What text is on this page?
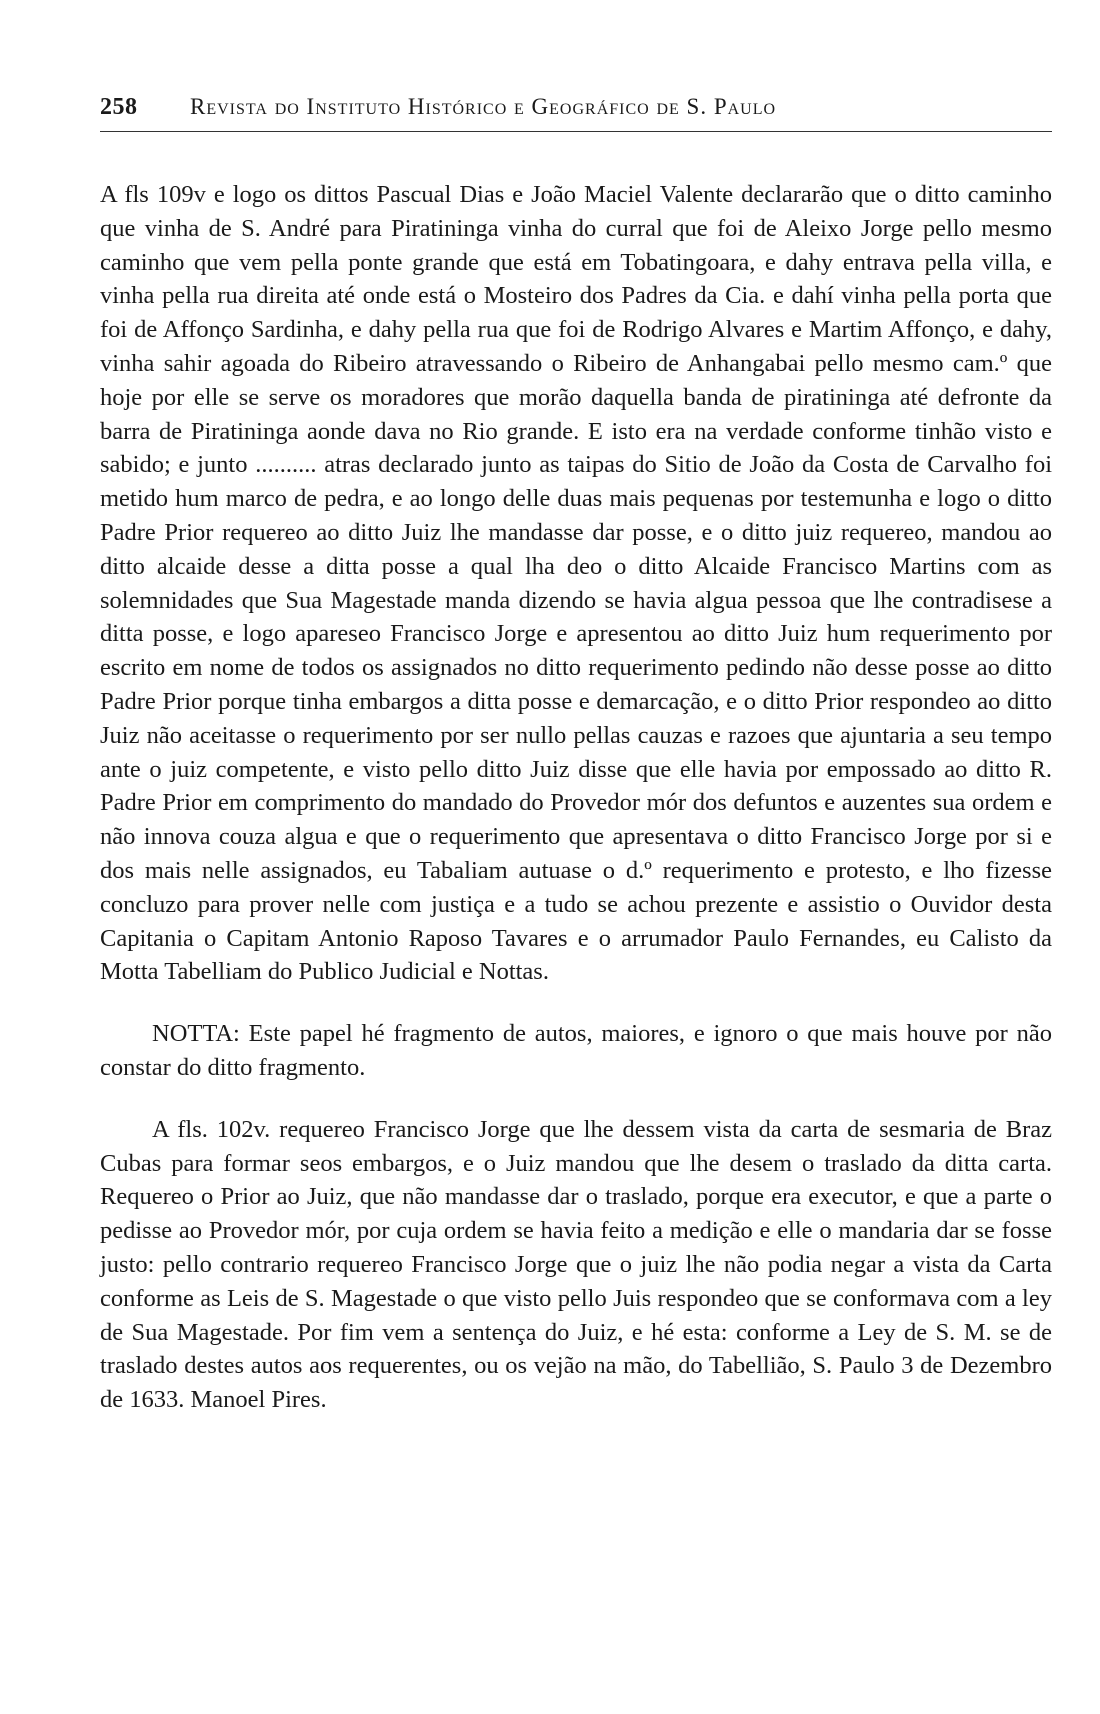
258	Revista do Instituto Histórico e Geográfico de S. Paulo

A fls 109v e logo os dittos Pascual Dias e João Maciel Valente declararão que o ditto caminho que vinha de S. André para Piratininga vinha do curral que foi de Aleixo Jorge pello mesmo caminho que vem pella ponte grande que está em Tobatingoara, e dahy entrava pella villa, e vinha pella rua direita até onde está o Mosteiro dos Padres da Cia. e dahí vinha pella porta que foi de Affonço Sardinha, e dahy pella rua que foi de Rodrigo Alvares e Martim Affonço, e dahy, vinha sahir agoada do Ribeiro atravessando o Ribeiro de Anhangabai pello mesmo cam.º que hoje por elle se serve os moradores que morão daquella banda de piratininga até defronte da barra de Piratininga aonde dava no Rio grande. E isto era na verdade conforme tinhão visto e sabido; e junto .......... atras declarado junto as taipas do Sitio de João da Costa de Carvalho foi metido hum marco de pedra, e ao longo delle duas mais pequenas por testemunha e logo o ditto Padre Prior requereo ao ditto Juiz lhe mandasse dar posse, e o ditto juiz requereo, mandou ao ditto alcaide desse a ditta posse a qual lha deo o ditto Alcaide Francisco Martins com as solemnidades que Sua Magestade manda dizendo se havia algua pessoa que lhe contradisese a ditta posse, e logo apareseo Francisco Jorge e apresentou ao ditto Juiz hum requerimento por escrito em nome de todos os assignados no ditto requerimento pedindo não desse posse ao ditto Padre Prior porque tinha embargos a ditta posse e demarcação, e o ditto Prior respondeo ao ditto Juiz não aceitasse o requerimento por ser nullo pellas cauzas e razoes que ajuntaria a seu tempo ante o juiz competente, e visto pello ditto Juiz disse que elle havia por empossado ao ditto R. Padre Prior em comprimento do mandado do Provedor mór dos defuntos e auzentes sua ordem e não innova couza algua e que o requerimento que apresentava o ditto Francisco Jorge por si e dos mais nelle assignados, eu Tabaliam autuase o d.º requerimento e protesto, e lho fizesse concluzo para prover nelle com justiça e a tudo se achou prezente e assistio o Ouvidor desta Capitania o Capitam Antonio Raposo Tavares e o arrumador Paulo Fernandes, eu Calisto da Motta Tabelliam do Publico Judicial e Nottas.

NOTTA: Este papel hé fragmento de autos, maiores, e ignoro o que mais houve por não constar do ditto fragmento.

A fls. 102v. requereo Francisco Jorge que lhe dessem vista da carta de sesmaria de Braz Cubas para formar seos embargos, e o Juiz mandou que lhe desem o traslado da ditta carta. Requereo o Prior ao Juiz, que não mandasse dar o traslado, porque era executor, e que a parte o pedisse ao Provedor mór, por cuja ordem se havia feito a medição e elle o mandaria dar se fosse justo: pello contrario requereo Francisco Jorge que o juiz lhe não podia negar a vista da Carta conforme as Leis de S. Magestade o que visto pello Juis respondeo que se conformava com a ley de Sua Magestade. Por fim vem a sentença do Juiz, e hé esta: conforme a Ley de S. M. se de traslado destes autos aos requerentes, ou os vejão na mão, do Tabellião, S. Paulo 3 de Dezembro de 1633. Manoel Pires.
